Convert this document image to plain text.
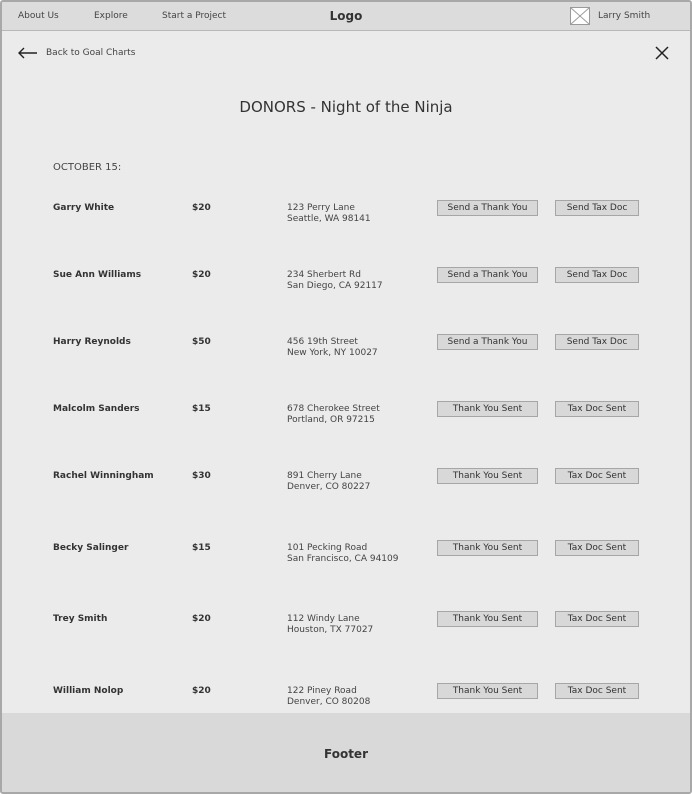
About Us	Explore	Start a Project	Logo	Larry Smith
Back to Goal Charts
DONORS - Night of the Ninja
OCTOBER 15:
Garry White	$20	123 Perry Lane
Seattle, WA 98141
Send a Thank You	Send Tax Doc
Sue Ann Williams	$20	234 Sherbert Rd
San Diego, CA 92117
Send a Thank You	Send Tax Doc
Harry Reynolds	$50	456 19th Street
New York, NY 10027
Send a Thank You	Send Tax Doc
Malcolm Sanders	$15	678 Cherokee Street
Portland, OR 97215
Thank You Sent	Tax Doc Sent
Rachel Winningham	$30	891 Cherry Lane
Denver, CO 80227
Thank You Sent	Tax Doc Sent
Becky Salinger	$15	101 Pecking Road
San Francisco, CA 94109
Thank You Sent	Tax Doc Sent
Trey Smith	$20	112 Windy Lane
Houston, TX 77027
Thank You Sent	Tax Doc Sent
William Nolop	$20	122 Piney Road
Denver, CO 80208
Thank You Sent	Tax Doc Sent
Footer
